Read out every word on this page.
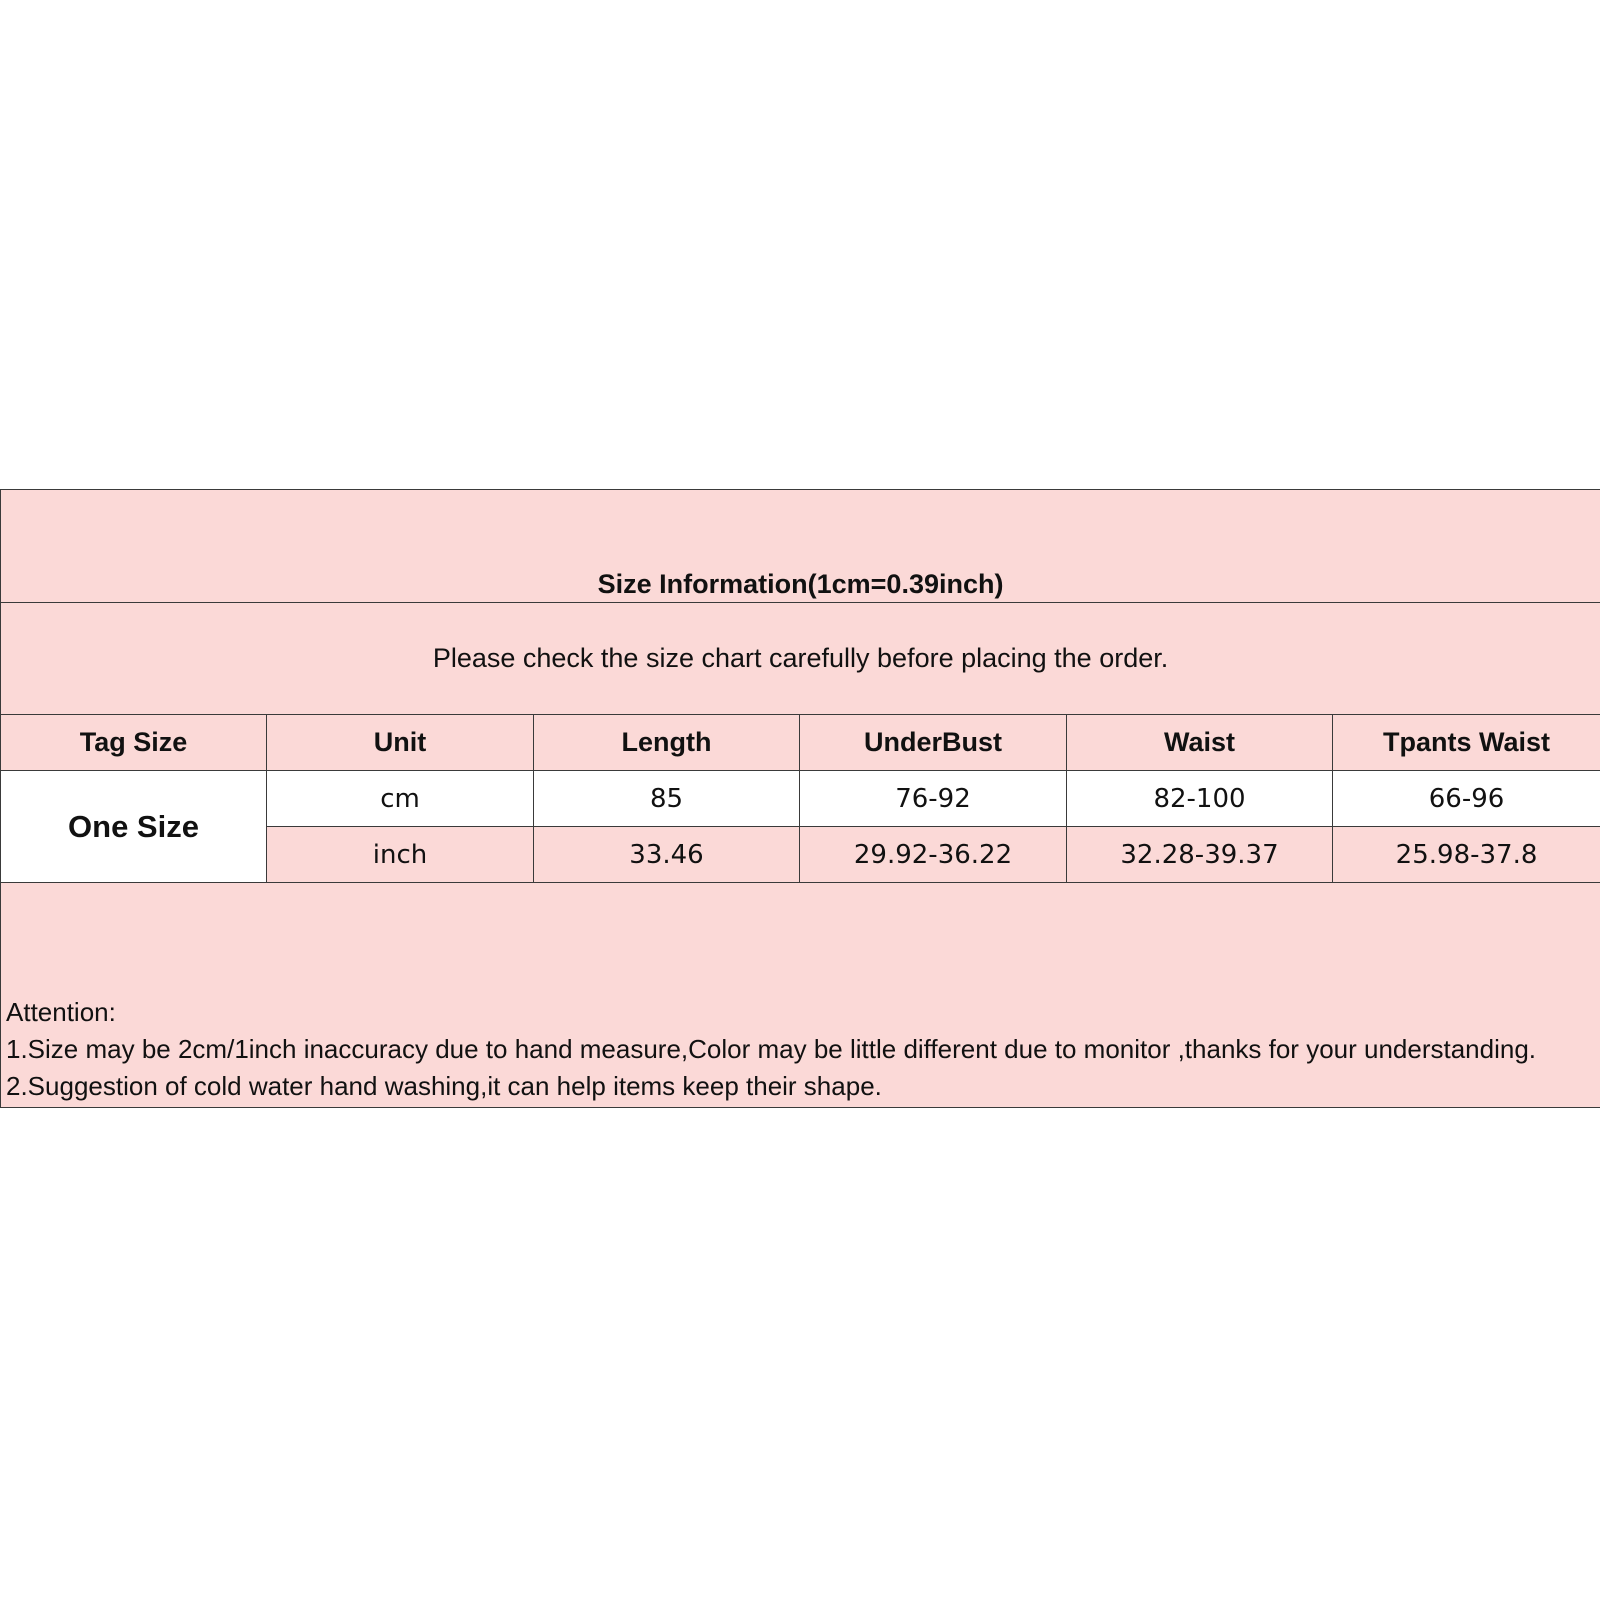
Size Information(1cm=0.39inch)					
Please check the size chart carefully before placing the order.					
Tag Size	Unit	Length	UnderBust	Waist	Tpants Waist
One Size	cm	85	76-92	82-100	66-96
	inch	33.46	29.92-36.22	32.28-39.37	25.98-37.8

Attention:
1.Size may be 2cm/1inch inaccuracy due to hand measure,Color may be little different due to monitor ,thanks for your understanding.
2.Suggestion of cold water hand washing,it can help items keep their shape.					
